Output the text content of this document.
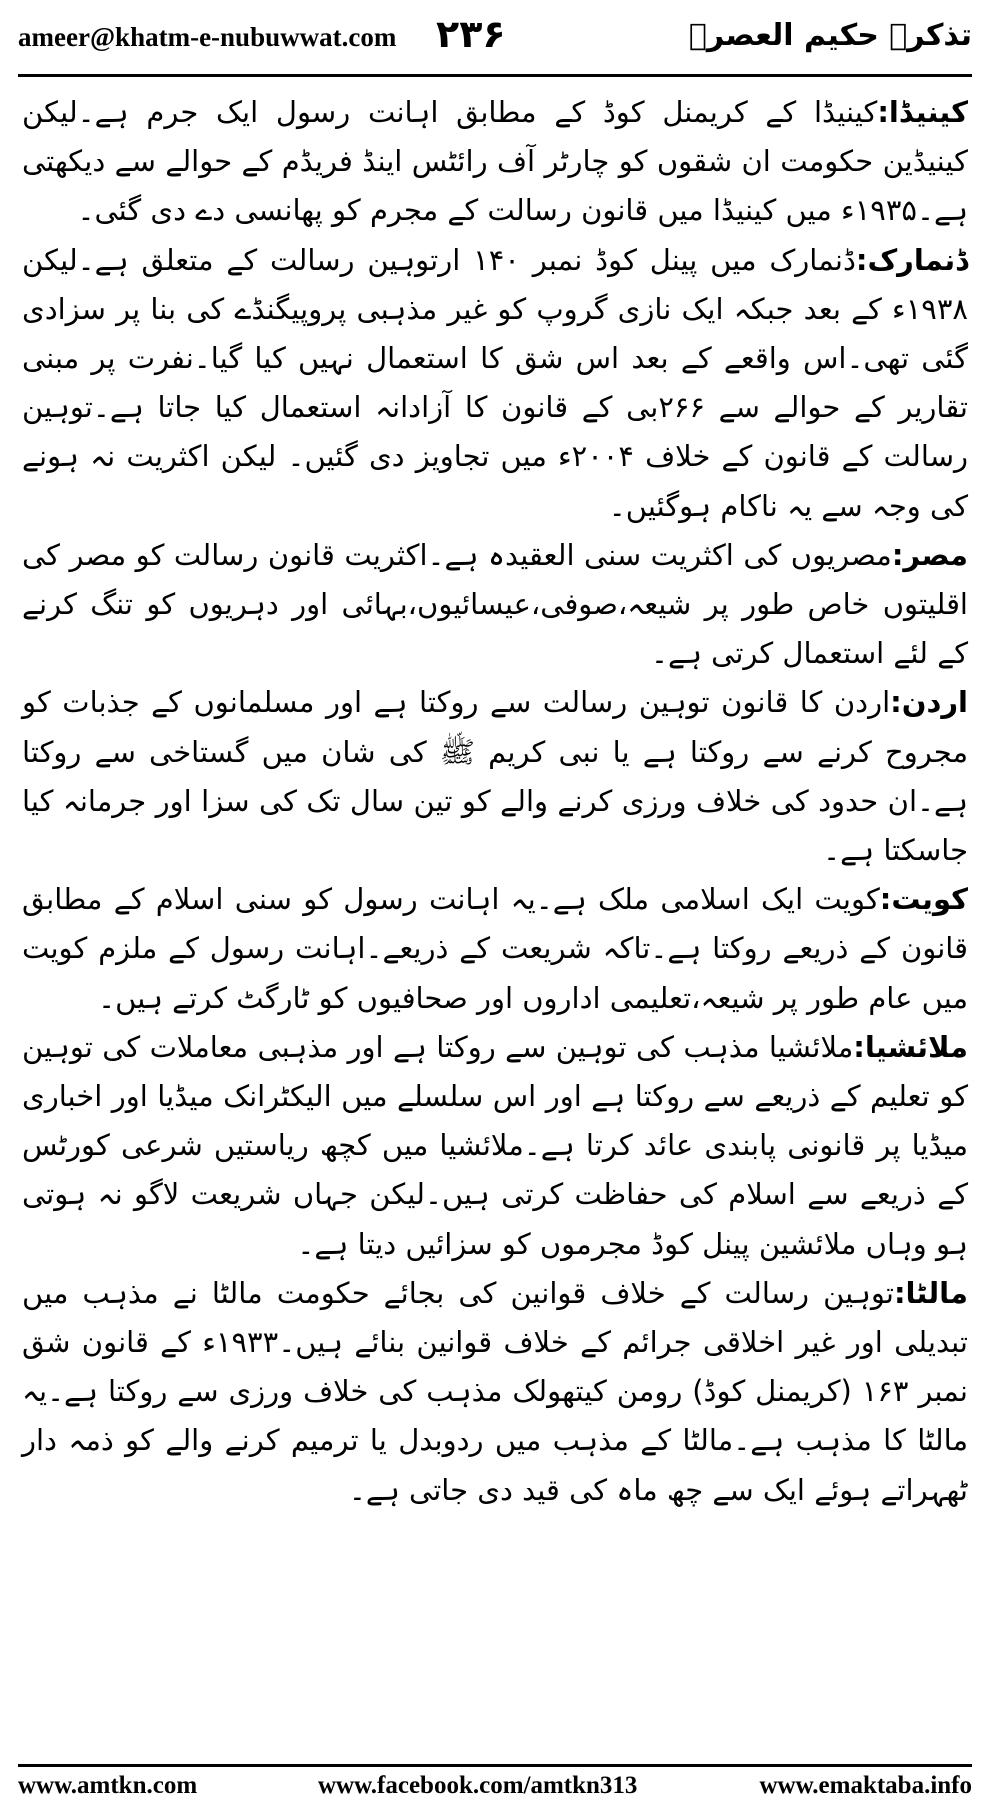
ameer@khatm-e-nubuwwat.com ۲۳۶	تذکرہ حکیم العصرؒ

کینیڈا:کینیڈا کے کریمنل کوڈ کے مطابق اہانت رسول ایک جرم ہے۔لیکن کینیڈین حکومت ان شقوں کو چارٹر آف رائٹس اینڈ فریڈم کے حوالے سے دیکھتی ہے۔۱۹۳۵ء میں کینیڈا میں قانون رسالت کے مجرم کو پھانسی دے دی گئی۔

ڈنمارک:ڈنمارک میں پینل کوڈ نمبر ۱۴۰ ارتوہین رسالت کے متعلق ہے۔لیکن ۱۹۳۸ء کے بعد جبکہ ایک نازی گروپ کو غیر مذہبی پروپیگنڈے کی بنا پر سزادی گئی تھی۔اس واقعے کے بعد اس شق کا استعمال نہیں کیا گیا۔نفرت پر مبنی تقاریر کے حوالے سے ۲۶۶بی کے قانون کا آزادانہ استعمال کیا جاتا ہے۔توہین رسالت کے قانون کے خلاف ۲۰۰۴ء میں تجاویز دی گئیں۔ لیکن اکثریت نہ ہونے کی وجہ سے یہ ناکام ہوگئیں۔

مصر:مصریوں کی اکثریت سنی العقیدہ ہے۔اکثریت قانون رسالت کو مصر کی اقلیتوں خاص طور پر شیعہ،صوفی،عیسائیوں،بہائی اور دہریوں کو تنگ کرنے کے لئے استعمال کرتی ہے۔

اردن:اردن کا قانون توہین رسالت سے روکتا ہے اور مسلمانوں کے جذبات کو مجروح کرنے سے روکتا ہے یا نبی کریم ﷺ کی شان میں گستاخی سے روکتا ہے۔ان حدود کی خلاف ورزی کرنے والے کو تین سال تک کی سزا اور جرمانہ کیا جاسکتا ہے۔

کویت:کویت ایک اسلامی ملک ہے۔یہ اہانت رسول کو سنی اسلام کے مطابق قانون کے ذریعے روکتا ہے۔تاکہ شریعت کے ذریعے۔اہانت رسول کے ملزم کویت میں عام طور پر شیعہ،تعلیمی اداروں اور صحافیوں کو ٹارگٹ کرتے ہیں۔

ملائشیا:ملائشیا مذہب کی توہین سے روکتا ہے اور مذہبی معاملات کی توہین کو تعلیم کے ذریعے سے روکتا ہے اور اس سلسلے میں الیکٹرانک میڈیا اور اخباری میڈیا پر قانونی پابندی عائد کرتا ہے۔ملائشیا میں کچھ ریاستیں شرعی کورٹس کے ذریعے سے اسلام کی حفاظت کرتی ہیں۔لیکن جہاں شریعت لاگو نہ ہوتی ہو وہاں ملائشین پینل کوڈ مجرموں کو سزائیں دیتا ہے۔

مالٹا:توہین رسالت کے خلاف قوانین کی بجائے حکومت مالٹا نے مذہب میں تبدیلی اور غیر اخلاقی جرائم کے خلاف قوانین بنائے ہیں۔۱۹۳۳ء کے قانون شق نمبر ۱۶۳ (کریمنل کوڈ) رومن کیتھولک مذہب کی خلاف ورزی سے روکتا ہے۔یہ مالٹا کا مذہب ہے۔مالٹا کے مذہب میں ردوبدل یا ترمیم کرنے والے کو ذمہ دار ٹھہراتے ہوئے ایک سے چھ ماہ کی قید دی جاتی ہے۔

www.amtkn.com	www.facebook.com/amtkn313	www.emaktaba.info
